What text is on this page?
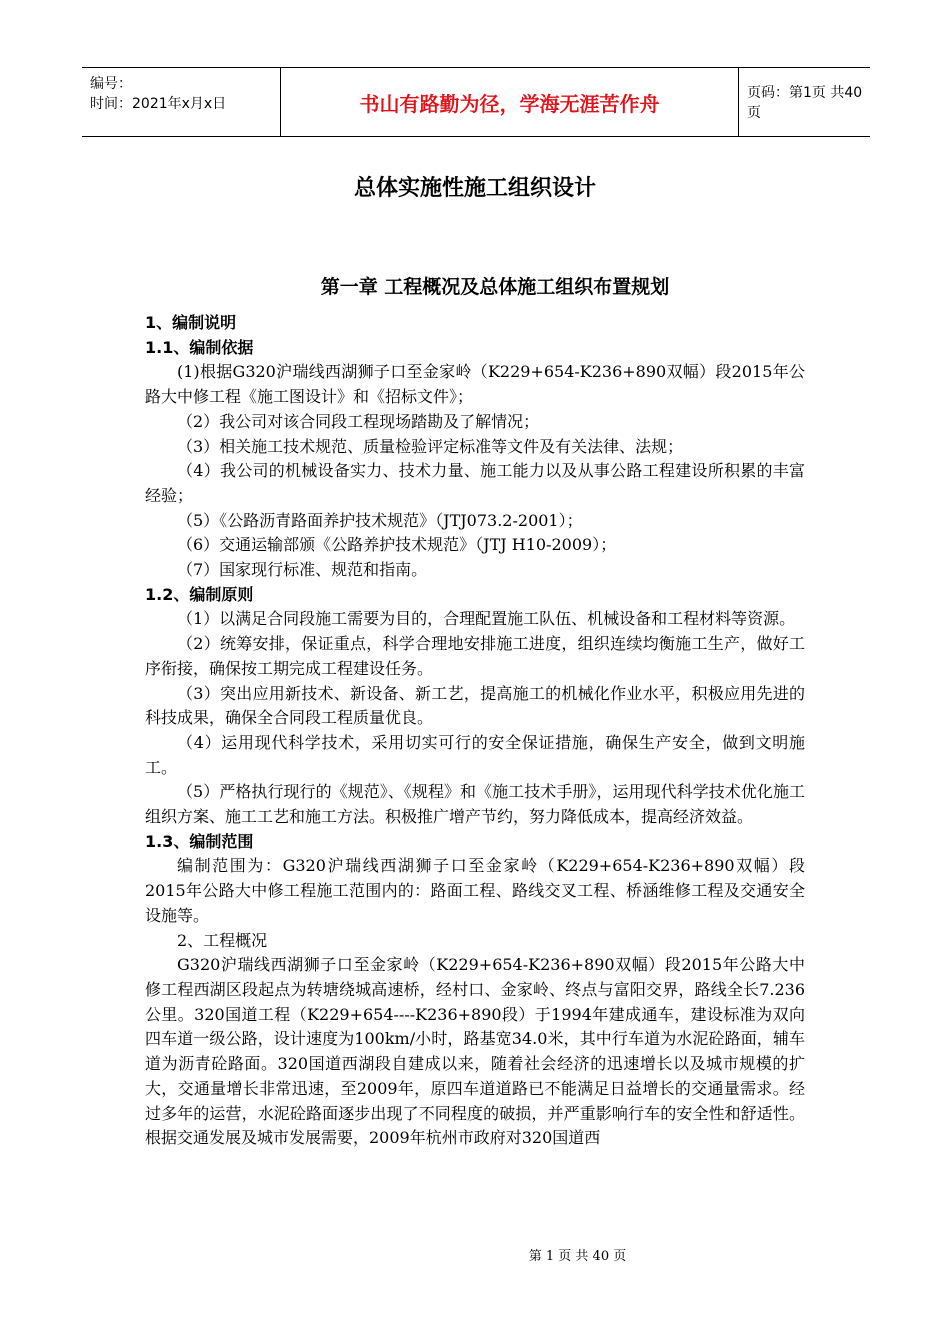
编号：
时间：2021年x月x日	书山有路勤为径，学海无涯苦作舟	页码：第1页 共40页
总体实施性施工组织设计
第一章 工程概况及总体施工组织布置规划

1、编制说明

1.1、编制依据

(1)根据G320沪瑞线西湖狮子口至金家岭（K229+654-K236+890双幅）段2015年公路大中修工程《施工图设计》和《招标文件》；

（2）我公司对该合同段工程现场踏勘及了解情况；

（3）相关施工技术规范、质量检验评定标准等文件及有关法律、法规；

（4）我公司的机械设备实力、技术力量、施工能力以及从事公路工程建设所积累的丰富经验；

（5）《公路沥青路面养护技术规范》（JTJ073.2-2001）；

（6）交通运输部颁《公路养护技术规范》（JTJ H10-2009）；

（7）国家现行标准、规范和指南。

1.2、编制原则

（1）以满足合同段施工需要为目的，合理配置施工队伍、机械设备和工程材料等资源。

（2）统筹安排，保证重点，科学合理地安排施工进度，组织连续均衡施工生产，做好工序衔接，确保按工期完成工程建设任务。

（3）突出应用新技术、新设备、新工艺，提高施工的机械化作业水平，积极应用先进的科技成果，确保全合同段工程质量优良。

（4）运用现代科学技术，采用切实可行的安全保证措施，确保生产安全，做到文明施工。

（5）严格执行现行的《规范》、《规程》和《施工技术手册》，运用现代科学技术优化施工组织方案、施工工艺和施工方法。积极推广增产节约，努力降低成本，提高经济效益。

1.3、编制范围

编制范围为：G320沪瑞线西湖狮子口至金家岭（K229+654-K236+890双幅）段2015年公路大中修工程施工范围内的：路面工程、路线交叉工程、桥涵维修工程及交通安全设施等。

2、工程概况

G320沪瑞线西湖狮子口至金家岭（K229+654-K236+890双幅）段2015年公路大中修工程西湖区段起点为转塘绕城高速桥，经村口、金家岭、终点与富阳交界，路线全长7.236公里。320国道工程（K229+654----K236+890段）于1994年建成通车，建设标准为双向四车道一级公路，设计速度为100km/小时，路基宽34.0米，其中行车道为水泥砼路面，辅车道为沥青砼路面。320国道西湖段自建成以来，随着社会经济的迅速增长以及城市规模的扩大，交通量增长非常迅速，至2009年，原四车道道路已不能满足日益增长的交通量需求。经过多年的运营，水泥砼路面逐步出现了不同程度的破损，并严重影响行车的安全性和舒适性。根据交通发展及城市发展需要，2009年杭州市政府对320国道西

第 1 页 共 40 页
